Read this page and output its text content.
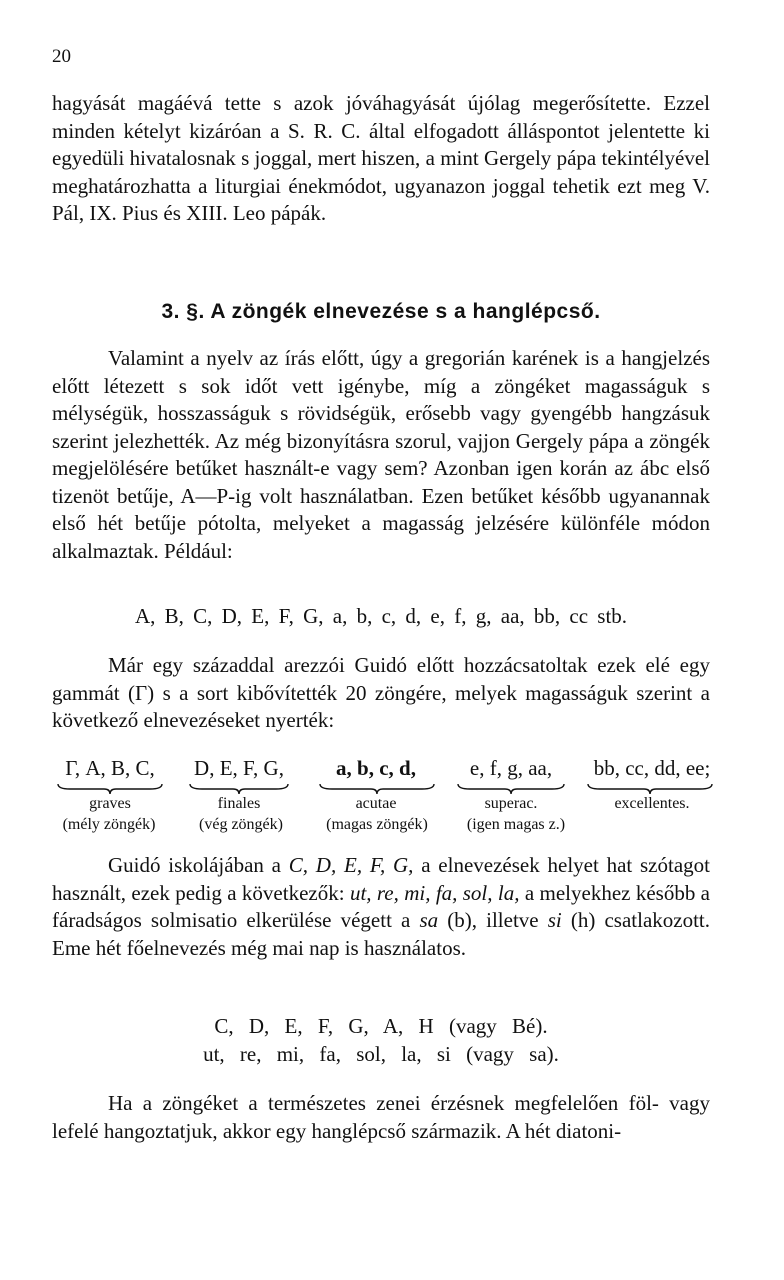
20

hagyását magáévá tette s azok jóváhagyását újólag megerősítette. Ezzel minden kételyt kizáróan a S. R. C. által elfogadott álláspontot jelentette ki egyedüli hivatalosnak s joggal, mert hiszen, a mint Gergely pápa tekintélyével meghatározhatta a liturgiai énekmódot, ugyanazon joggal tehetik ezt meg V. Pál, IX. Pius és XIII. Leo pápák.

3. §. A zöngék elnevezése s a hanglépcső.

Valamint a nyelv az írás előtt, úgy a gregorián karének is a hangjelzés előtt létezett s sok időt vett igénybe, míg a zöngéket magasságuk s mélységük, hosszasságuk s rövidségük, erősebb vagy gyengébb hangzásuk szerint jelezhették. Az még bizonyításra szorul, vajjon Gergely pápa a zöngék megjelölésére betűket használt-e vagy sem? Azonban igen korán az ábc első tizenöt betűje, A—P-ig volt használatban. Ezen betűket később ugyanannak első hét betűje pótolta, melyeket a magasság jelzésére különféle módon alkalmaztak. Például:

A, B, C, D, E, F, G, a, b, c, d, e, f, g, aa, bb, cc stb.

Már egy századdal arezzói Guidó előtt hozzácsatoltak ezek elé egy gammát (Γ) s a sort kibővítették 20 zöngére, melyek magasságuk szerint a következő elnevezéseket nyerték:

Γ, A, B, C,
graves
(mély zöngék)
D, E, F, G,
finales
(vég zöngék)
a, b, c, d,
acutae
(magas zöngék)
e, f, g, aa,
superac.
(igen magas z.)
bb, cc, dd, ee;
excellentes.

Guidó iskolájában a C, D, E, F, G, a elnevezések helyet hat szótagot használt, ezek pedig a következők: ut, re, mi, fa, sol, la, a melyekhez később a fáradságos solmisatio elkerülése végett a sa (b), illetve si (h) csatlakozott. Eme hét főelnevezés még mai nap is használatos.

C, D, E, F, G, A, H (vagy Bé).
ut, re, mi, fa, sol, la, si (vagy sa).

Ha a zöngéket a természetes zenei érzésnek megfelelően föl- vagy lefelé hangoztatjuk, akkor egy hanglépcső származik. A hét diatoni-
